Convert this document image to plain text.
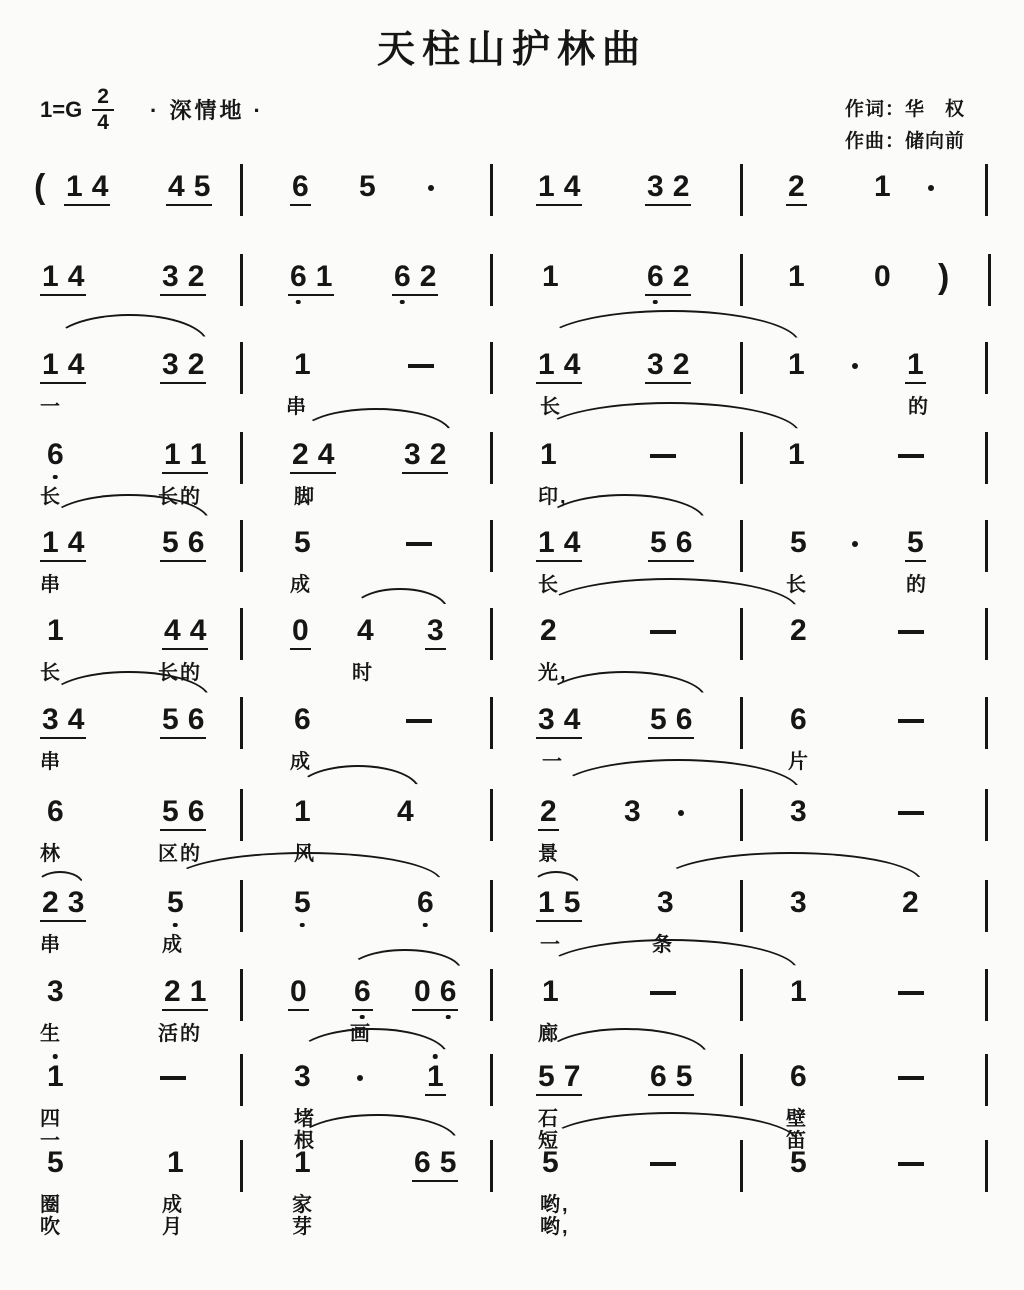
天柱山护林曲
$1=G \frac{2}{4}$ · 深情地 ·	作词：华　权
作曲：储向前
( 1 4 4 5	6 5	1 4 3 2	2 1
1 4	3 2	6 1 6 2	1	6 2	1 0 )
1 4	3 2	1	1 4 3 2	1	1
一	串	长	的
6	1 1	2 4 3 2	1	1
长	长的	脚	印,
1 4	5 6	5	1 4 5 6	5	5
串	成	长	长	的
1	4 4	0 4 3	2	2
长	长的	时	光,
3 4	5 6	6	3 4 5 6	6
串	成	一	片
6	5 6	1	4	2 3	3
林	区的	风	景
2 3	5	5	6	1 5	3	3	2
串	成	一	条
3	2 1	0 6 0 6	1	1
生	活的	画	廊
1	3	1	5 7 6 5	6
四	堵	石	壁
一	根	短	笛
5	1	1	6 5	5	5
圈	成	家	哟,
吹	月	芽	哟,
